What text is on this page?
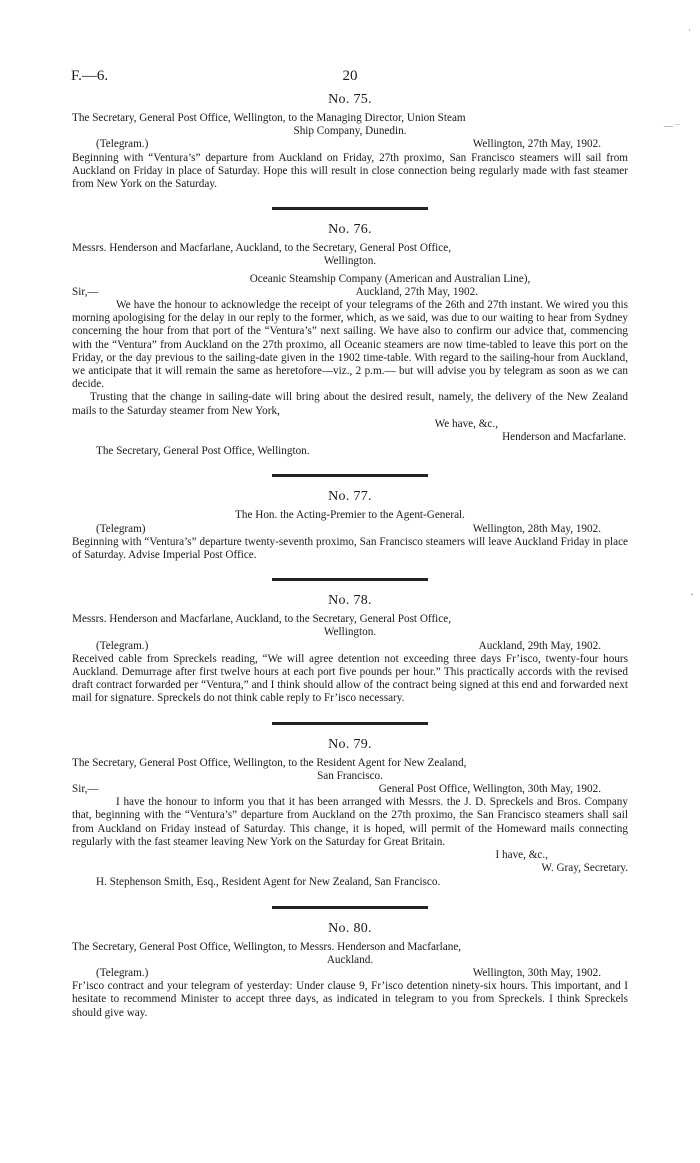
·
— ⁻
ˊ
F.—6.	20
No. 75.

The Secretary, General Post Office, Wellington, to the Managing Director, Union Steam

Ship Company, Dunedin.

(Telegram.)	Wellington, 27th May, 1902.

Beginning with “Ventura’s” departure from Auckland on Friday, 27th proximo, San Francisco steamers will sail from Auckland on Friday in place of Saturday. Hope this will result in close connection being regularly made with fast steamer from New York on the Saturday.

No. 76.

Messrs. Henderson and Macfarlane, Auckland, to the Secretary, General Post Office,

Wellington.

Oceanic Steamship Company (American and Australian Line),

Sir,—	Auckland, 27th May, 1902.

We have the honour to acknowledge the receipt of your telegrams of the 26th and 27th instant. We wired you this morning apologising for the delay in our reply to the former, which, as we said, was due to our waiting to hear from Sydney concerning the hour from that port of the “Ventura’s” next sailing. We have also to confirm our advice that, commencing with the “Ventura” from Auckland on the 27th proximo, all Oceanic steamers are now time-tabled to leave this port on the Friday, or the day previous to the sailing-date given in the 1902 time-table. With regard to the sailing-hour from Auckland, we anticipate that it will remain the same as heretofore—viz., 2 p.m.— but will advise you by telegram as soon as we can decide.

Trusting that the change in sailing-date will bring about the desired result, namely, the delivery of the New Zealand mails to the Saturday steamer from New York,

We have, &c.,

Henderson and Macfarlane.

The Secretary, General Post Office, Wellington.

No. 77.

The Hon. the Acting-Premier to the Agent-General.

(Telegram)	Wellington, 28th May, 1902.

Beginning with “Ventura’s” departure twenty-seventh proximo, San Francisco steamers will leave Auckland Friday in place of Saturday. Advise Imperial Post Office.

No. 78.

Messrs. Henderson and Macfarlane, Auckland, to the Secretary, General Post Office,

Wellington.

(Telegram.)	Auckland, 29th May, 1902.

Received cable from Spreckels reading, “We will agree detention not exceeding three days Fr’isco, twenty-four hours Auckland. Demurrage after first twelve hours at each port five pounds per hour.” This practically accords with the revised draft contract forwarded per “Ventura,” and I think should allow of the contract being signed at this end and forwarded next mail for signature. Spreckels do not think cable reply to Fr’isco necessary.

No. 79.

The Secretary, General Post Office, Wellington, to the Resident Agent for New Zealand,

San Francisco.

Sir,—	General Post Office, Wellington, 30th May, 1902.

I have the honour to inform you that it has been arranged with Messrs. the J. D. Spreckels and Bros. Company that, beginning with the “Ventura’s” departure from Auckland on the 27th proximo, the San Francisco steamers shall sail from Auckland on Friday instead of Saturday. This change, it is hoped, will permit of the Homeward mails connecting regularly with the fast steamer leaving New York on the Saturday for Great Britain.

I have, &c.,

W. Gray, Secretary.

H. Stephenson Smith, Esq., Resident Agent for New Zealand, San Francisco.

No. 80.

The Secretary, General Post Office, Wellington, to Messrs. Henderson and Macfarlane,

Auckland.

(Telegram.)	Wellington, 30th May, 1902.

Fr’isco contract and your telegram of yesterday: Under clause 9, Fr’isco detention ninety-six hours. This important, and I hesitate to recommend Minister to accept three days, as indicated in telegram to you from Spreckels. I think Spreckels should give way.
